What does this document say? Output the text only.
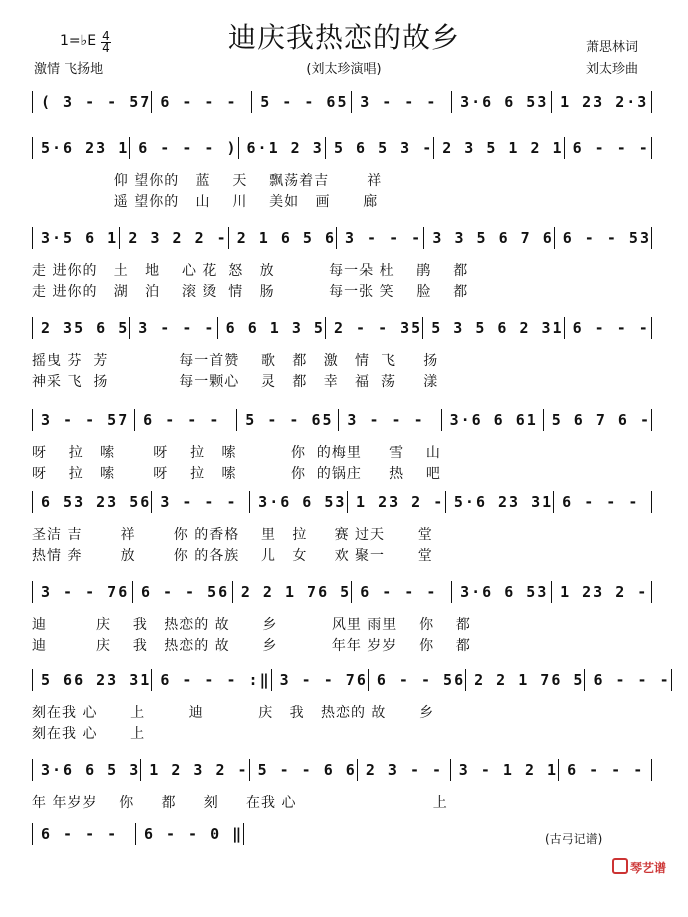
1=♭E 4
4
激情 飞扬地
迪庆我热恋的故乡
(刘太珍演唱)
萧思林词
刘太珍曲
( 3 - - 57 6 - - -	5 - - 65 3 - - -	3·6 6 53 1 23 2·3
5·6 23 1 6 - - - ) 6·1 2 3 5 6 5 3 - 2 3 5 1 2 1 6 - - -
仰 望你的   蓝    天    飘荡着吉       祥
遥 望你的   山    川    美如   画      廊
3·5 6 1 2 3 2 2 - 2 1 6 5 6 3 - - - 3 3 5 6 7 6 6 - - 53
走 进你的   土   地    心 花  怒   放          每一朵 杜    鹃    都
走 进你的   湖   泊    滚 烫  情   肠          每一张 笑    脸    都
2 35 6 5 3 - - - 6 6 1 3 5 2 - - 35 5 3 5 6 2 31 6 - - -
摇曳 芬  芳             每一首赞    歌   都   激   情  飞     扬
神采 飞  扬             每一颗心    灵   都   幸   福  荡     漾
3 - - 57 6 - - -	5 - - 65 3 - - -	3·6 6 61 5 6 7 6 -
呀    拉   嗦       呀    拉   嗦          你  的梅里     雪    山
呀    拉   嗦       呀    拉   嗦          你  的锅庄     热    吧
6 53 23 56 3 - - -	3·6 6 53 1 23 2 - 5·6 23 31 6 - - -
圣洁 吉       祥       你 的香格    里   拉     赛 过天      堂
热情 奔       放       你 的各族    儿   女     欢 聚一      堂
3 - - 76 6 - - 56 2 2 1 76 5 6 - - -	3·6 6 53 1 23 2 -
迪         庆    我   热恋的 故      乡          风里 雨里    你    都
迪         庆    我   热恋的 故      乡          年年 岁岁    你    都
5 66 23 31 6 - - - :‖ 3 - - 76 6 - - 56 2 2 1 76 5 6 - - -
刻在我 心      上        迪          庆   我   热恋的 故      乡
刻在我 心      上
3·6 6 5 3 1 2 3 2 - 5 - - 6 6 2 3 - -	3 - 1 2 1 6 - - -
年 年岁岁    你     都     刻     在我 心                         上
6 - - -	6 - - 0 ‖	(古弓记谱)
琴艺谱
